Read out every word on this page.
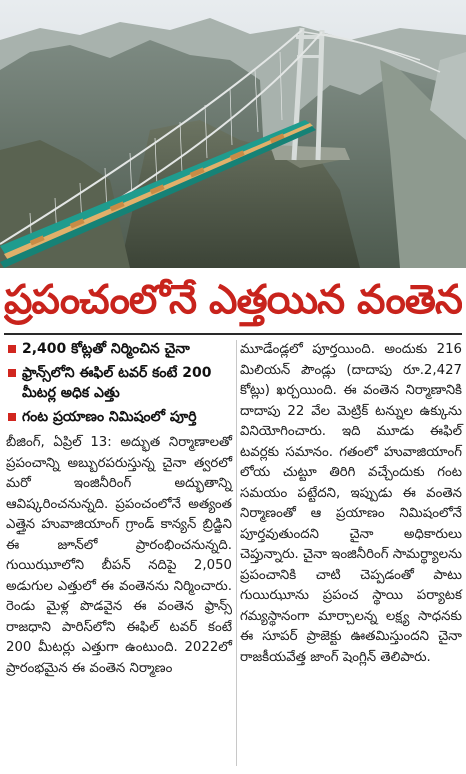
ప్రపంచంలోనే ఎత్తయిన వంతెన
2,400 కోట్లతో నిర్మించిన చైనా
ఫ్రాన్స్‌లోని ఈఫిల్ టవర్ కంటే 200 మీటర్ల అధిక ఎత్తు
గంట ప్రయాణం నిమిషంలో పూర్తి

బీజింగ్, ఏప్రిల్ 13: అద్భుత నిర్మాణాలతో ప్రపంచాన్ని అబ్బురపరుస్తున్న చైనా త్వరలో మరో ఇంజినీరింగ్ అద్భుతాన్ని ఆవిష్కరించనున్నది. ప్రపంచంలోనే అత్యంత ఎత్తైన హువాజియాంగ్ గ్రాండ్ కాన్యన్ బ్రిడ్జిని ఈ జూన్‌లో ప్రారంభించనున్నది. గుయిఝూలోని బీపన్ నదిపై 2,050 అడుగుల ఎత్తులో ఈ వంతెనను నిర్మించారు. రెండు మైళ్ల పొడవైన ఈ వంతెన ఫ్రాన్స్ రాజధాని పారిస్‌లోని ఈఫిల్ టవర్ కంటే 200 మీటర్లు ఎత్తుగా ఉంటుంది. 2022లో ప్రారంభమైన ఈ వంతెన నిర్మాణం

మూడేండ్లలో పూర్తయింది. అందుకు 216 మిలియన్ పౌండ్లు (దాదాపు రూ.2,427 కోట్లు) ఖర్చయింది. ఈ వంతెన నిర్మాణానికి దాదాపు 22 వేల మెట్రిక్ టన్నుల ఉక్కును వినియోగించారు. ఇది మూడు ఈఫిల్ టవర్లకు సమానం. గతంలో హువాజియాంగ్ లోయ చుట్టూ తిరిగి వచ్చేందుకు గంట సమయం పట్టేదని, ఇప్పుడు ఈ వంతెన నిర్మాణంతో ఆ ప్రయాణం నిమిషంలోనే పూర్తవుతుందని చైనా అధికారులు చెప్తున్నారు. చైనా ఇంజినీరింగ్ సామర్థ్యాలను ప్రపంచానికి చాటి చెప్పడంతో పాటు గుయిఝూను ప్రపంచ స్థాయి పర్యాటక గమ్యస్థానంగా మార్చాలన్న లక్ష్య సాధనకు ఈ సూపర్ ప్రాజెక్టు ఊతమిస్తుందని చైనా రాజకీయవేత్త జాంగ్ షెంగ్లిన్ తెలిపారు.
